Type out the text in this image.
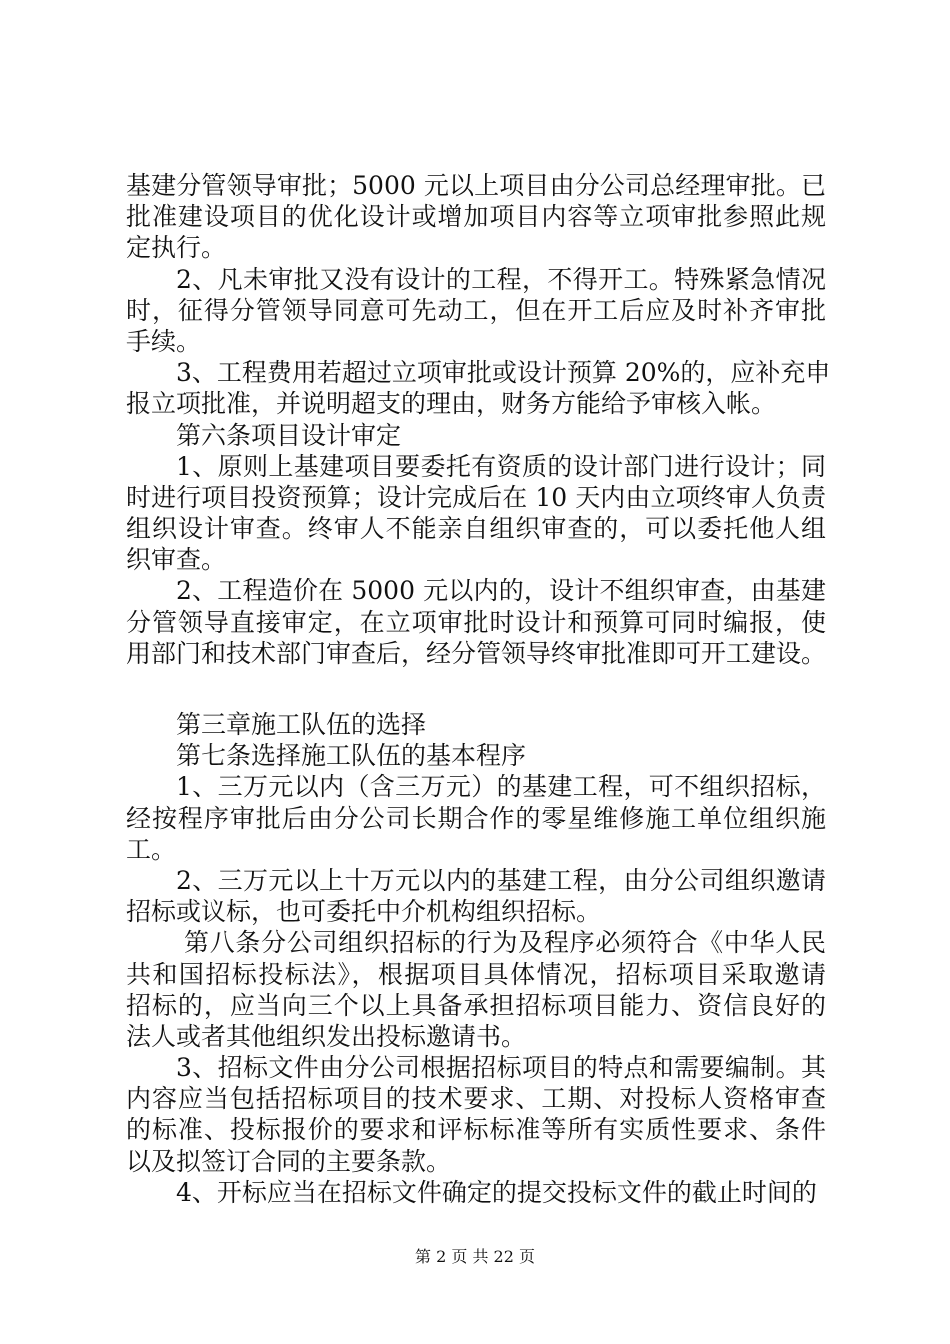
基建分管领导审批；5000 元以上项目由分公司总经理审批。已
批准建设项目的优化设计或增加项目内容等立项审批参照此规
定执行。
2、凡未审批又没有设计的工程，不得开工。特殊紧急情况
时，征得分管领导同意可先动工，但在开工后应及时补齐审批
手续。
3、工程费用若超过立项审批或设计预算 20%的，应补充申
报立项批准，并说明超支的理由，财务方能给予审核入帐。
第六条项目设计审定
1、原则上基建项目要委托有资质的设计部门进行设计；同
时进行项目投资预算；设计完成后在 10 天内由立项终审人负责
组织设计审查。终审人不能亲自组织审查的，可以委托他人组
织审查。
2、工程造价在 5000 元以内的，设计不组织审查，由基建
分管领导直接审定，在立项审批时设计和预算可同时编报，使
用部门和技术部门审查后，经分管领导终审批准即可开工建设。
第三章施工队伍的选择
第七条选择施工队伍的基本程序
1、三万元以内（含三万元）的基建工程，可不组织招标，
经按程序审批后由分公司长期合作的零星维修施工单位组织施
工。
2、三万元以上十万元以内的基建工程，由分公司组织邀请
招标或议标，也可委托中介机构组织招标。
第八条分公司组织招标的行为及程序必须符合《中华人民
共和国招标投标法》，根据项目具体情况，招标项目采取邀请
招标的，应当向三个以上具备承担招标项目能力、资信良好的
法人或者其他组织发出投标邀请书。
3、招标文件由分公司根据招标项目的特点和需要编制。其
内容应当包括招标项目的技术要求、工期、对投标人资格审查
的标准、投标报价的要求和评标标准等所有实质性要求、条件
以及拟签订合同的主要条款。
4、开标应当在招标文件确定的提交投标文件的截止时间的
第 2 页 共 22 页
